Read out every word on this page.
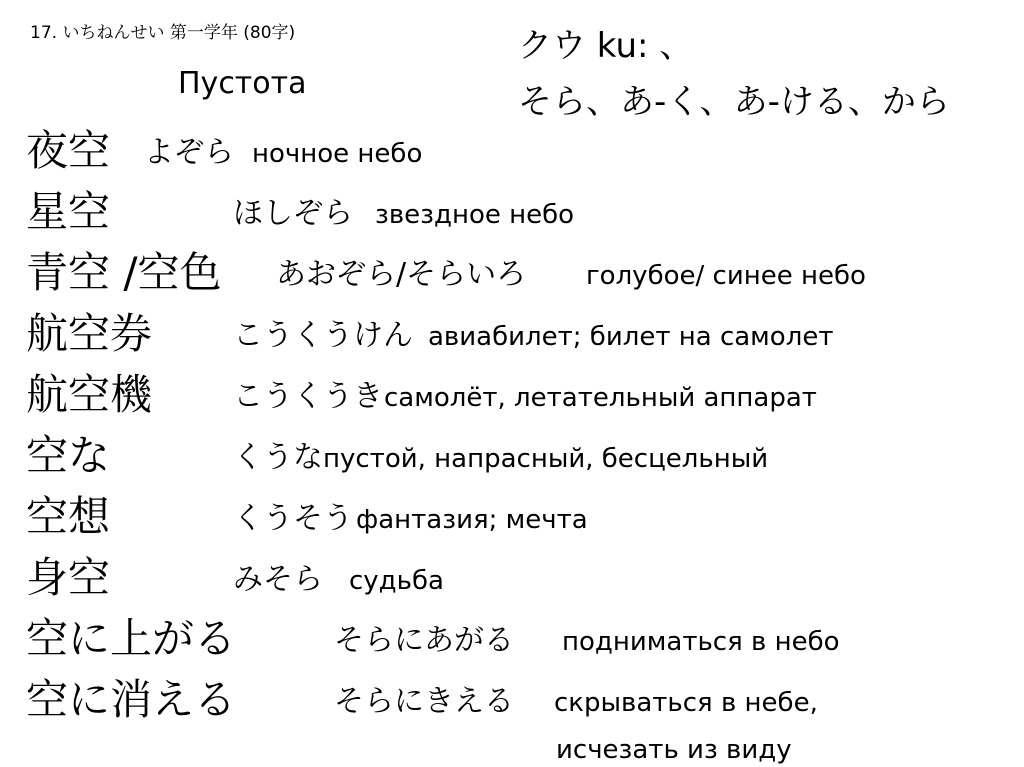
17. いちねんせい 第一学年 (80字)
Пустота
クウ ku: 、
そら、あ-く、あ-ける、から
夜空 よぞら ночное небо
星空	ほしぞら звездное небо
青空 /空色 あおぞら/そらいろ голубое/ синее небо
航空券	こうくうけん авиабилет; билет на самолет
航空機	こうくうき самолёт, летательный аппарат
空な	くうな пустой, напрасный, бесцельный
空想	くうそう фантазия; мечта
身空	みそら судьба
空に上がる	そらにあがる подниматься в небо
空に消える	そらにきえる скрываться в небе,
исчезать из виду
